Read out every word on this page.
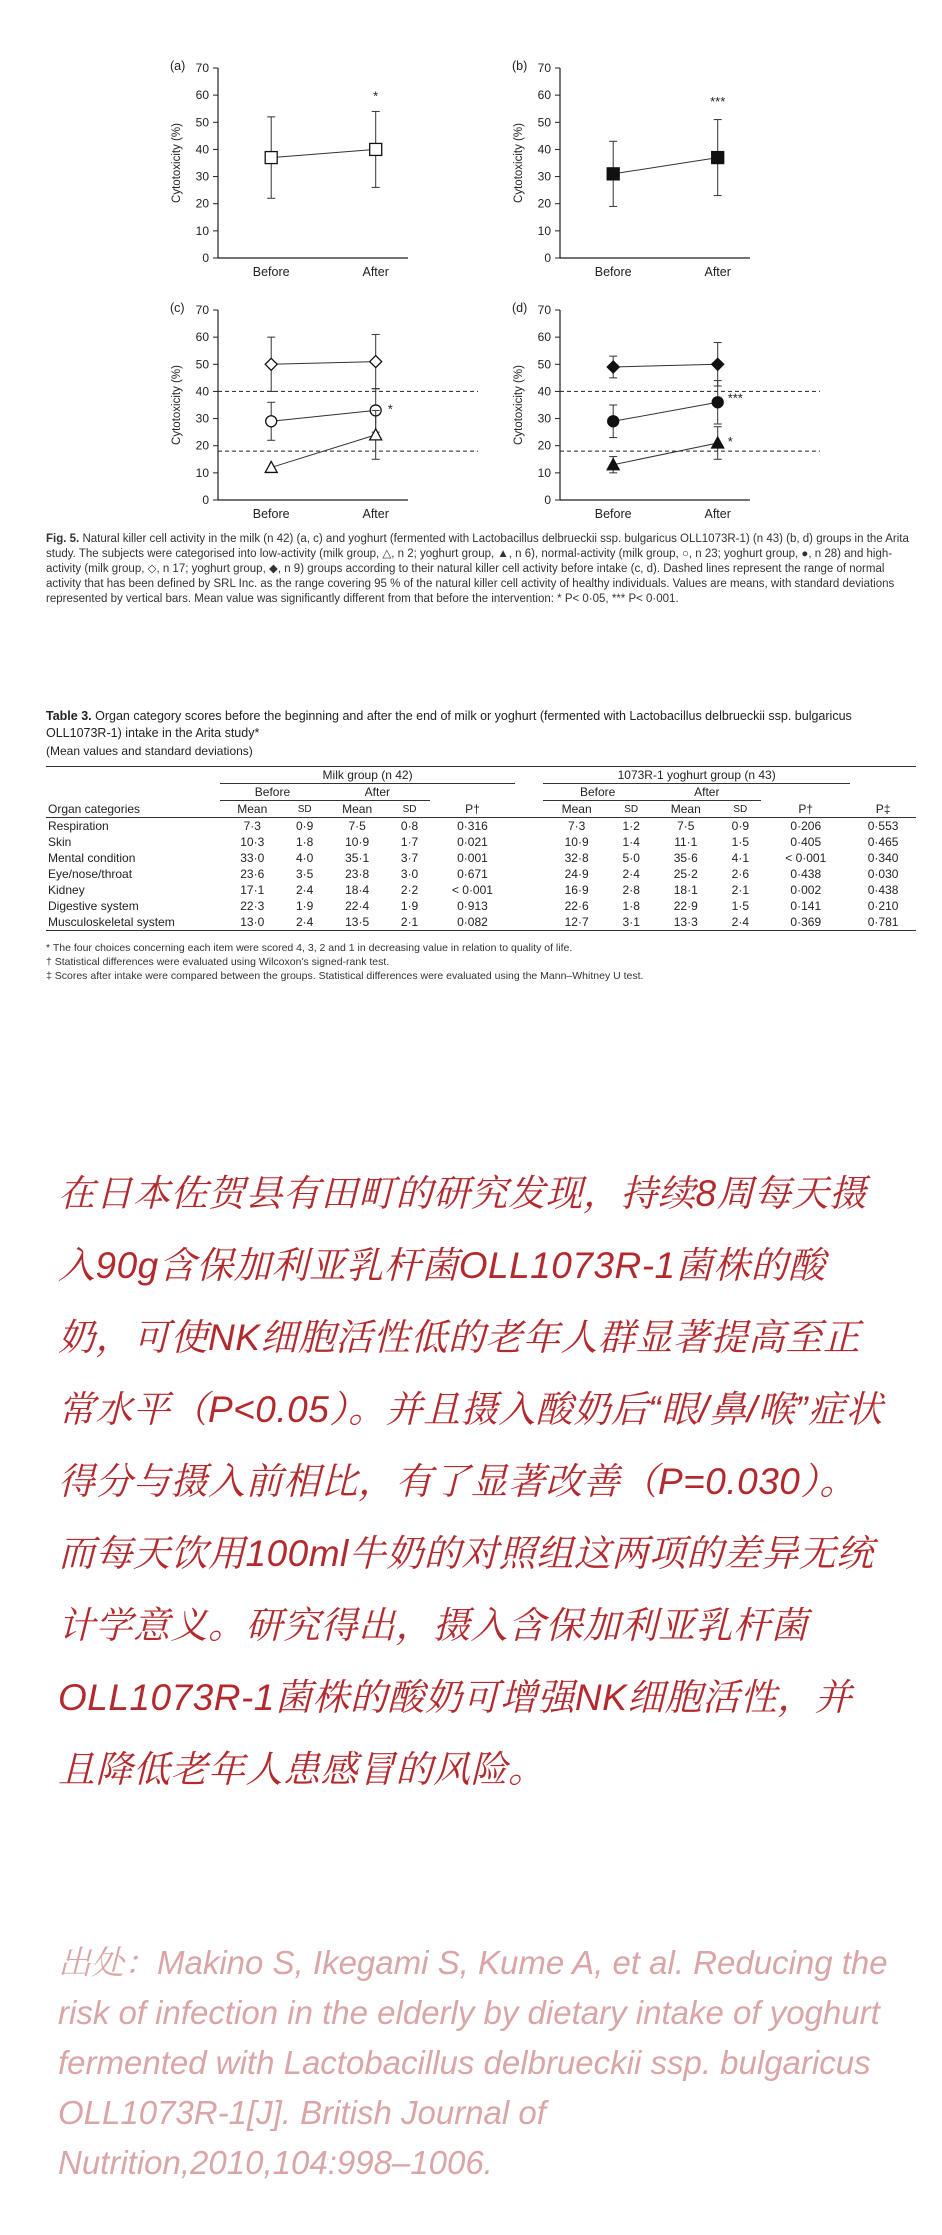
0
10
20
30
40
60
70
50
Before	After
(a)
Cytotoxicity (%)
*
0
10
20
30
40
60
70
50
Before	After
(b)
Cytotoxicity (%)
***
0
10
20
30
40
60
70
50
Before	After
(c)
Cytotoxicity (%)	*
0
10
20
30
40
60
70
50
Before	After
(d)
Cytotoxicity (%)	***
*
Fig. 5. Natural killer cell activity in the milk (n 42) (a, c) and yoghurt (fermented with Lactobacillus delbrueckii ssp. bulgaricus OLL1073R-1) (n 43) (b, d) groups in the Arita study. The subjects were categorised into low-activity (milk group, △, n 2; yoghurt group, ▲, n 6), normal-activity (milk group, ○, n 23; yoghurt group, ●, n 28) and high-activity (milk group, ◇, n 17; yoghurt group, ◆, n 9) groups according to their natural killer cell activity before intake (c, d). Dashed lines represent the range of normal activity that has been defined by SRL Inc. as the range covering 95 % of the natural killer cell activity of healthy individuals. Values are means, with standard deviations represented by vertical bars. Mean value was significantly different from that before the intervention: * P< 0·05, *** P< 0·001.
Table 3. Organ category scores before the beginning and after the end of milk or yoghurt (fermented with Lactobacillus delbrueckii ssp. bulgaricus OLL1073R-1) intake in the Arita study*
(Mean values and standard deviations)
	Milk group (n 42)						1073R-1 yoghurt group (n 43)					
	Before		After				Before		After			
Organ categories	Mean	SD	Mean	SD	P†		Mean	SD	Mean	SD	P†	P‡
Respiration	7·3	0·9	7·5	0·8	0·316		7·3	1·2	7·5	0·9	0·206	0·553
Skin	10·3	1·8	10·9	1·7	0·021		10·9	1·4	11·1	1·5	0·405	0·465
Mental condition	33·0	4·0	35·1	3·7	0·001		32·8	5·0	35·6	4·1	< 0·001	0·340
Eye/nose/throat	23·6	3·5	23·8	3·0	0·671		24·9	2·4	25·2	2·6	0·438	0·030
Kidney	17·1	2·4	18·4	2·2	< 0·001		16·9	2·8	18·1	2·1	0·002	0·438
Digestive system	22·3	1·9	22·4	1·9	0·913		22·6	1·8	22·9	1·5	0·141	0·210
Musculoskeletal system	13·0	2·4	13·5	2·1	0·082		12·7	3·1	13·3	2·4	0·369	0·781
* The four choices concerning each item were scored 4, 3, 2 and 1 in decreasing value in relation to quality of life.
† Statistical differences were evaluated using Wilcoxon's signed-rank test.
‡ Scores after intake were compared between the groups. Statistical differences were evaluated using the Mann–Whitney U test.
在日本佐贺县有田町的研究发现，持续8周每天摄入90g含保加利亚乳杆菌OLL1073R-1菌株的酸奶，可使NK细胞活性低的老年人群显著提高至正常水平（P<0.05）。并且摄入酸奶后“眼/鼻/喉”症状得分与摄入前相比，有了显著改善（P=0.030）。而每天饮用100ml牛奶的对照组这两项的差异无统计学意义。研究得出，摄入含保加利亚乳杆菌OLL1073R-1菌株的酸奶可增强NK细胞活性，并且降低老年人患感冒的风险。
出处：Makino S, Ikegami S, Kume A, et al. Reducing the risk of infection in the elderly by dietary intake of yoghurt fermented with Lactobacillus delbrueckii ssp. bulgaricus OLL1073R-1[J]. British Journal of Nutrition,2010,104:998–1006.
